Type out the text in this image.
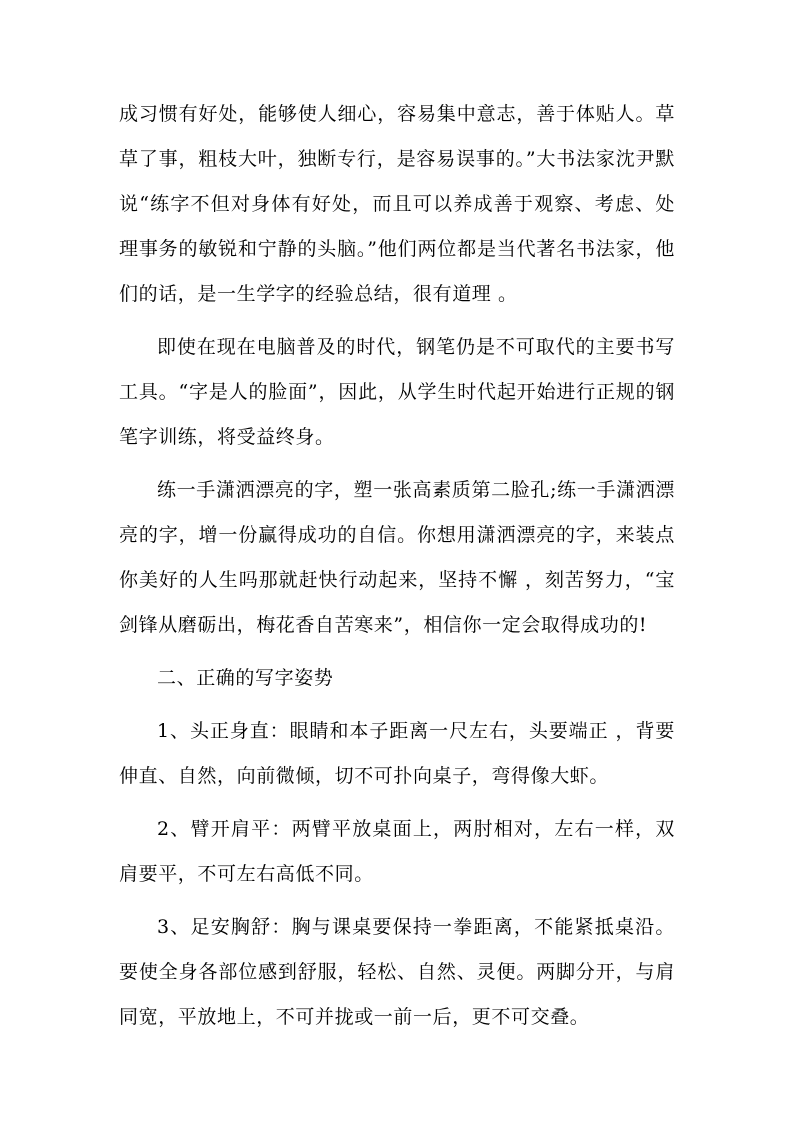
成习惯有好处，能够使人细心，容易集中意志，善于体贴人。草草了事，粗枝大叶，独断专行，是容易误事的。”大书法家沈尹默说“练字不但对身体有好处，而且可以养成善于观察、考虑、处理事务的敏锐和宁静的头脑。”他们两位都是当代著名书法家，他们的话，是一生学字的经验总结，很有道理 。

即使在现在电脑普及的时代，钢笔仍是不可取代的主要书写工具。“字是人的脸面”，因此，从学生时代起开始进行正规的钢笔字训练，将受益终身。

练一手潇洒漂亮的字，塑一张高素质第二脸孔;练一手潇洒漂亮的字，增一份赢得成功的自信。你想用潇洒漂亮的字，来装点你美好的人生吗那就赶快行动起来，坚持不懈 ，刻苦努力，“宝剑锋从磨砺出，梅花香自苦寒来”，相信你一定会取得成功的!

二、正确的写字姿势

1、头正身直：眼睛和本子距离一尺左右，头要端正 ，背要伸直、自然，向前微倾，切不可扑向桌子，弯得像大虾。

2、臂开肩平：两臂平放桌面上，两肘相对，左右一样，双肩要平，不可左右高低不同。

3、足安胸舒：胸与课桌要保持一拳距离，不能紧抵桌沿。要使全身各部位感到舒服，轻松、自然、灵便。两脚分开，与肩同宽，平放地上，不可并拢或一前一后，更不可交叠。
